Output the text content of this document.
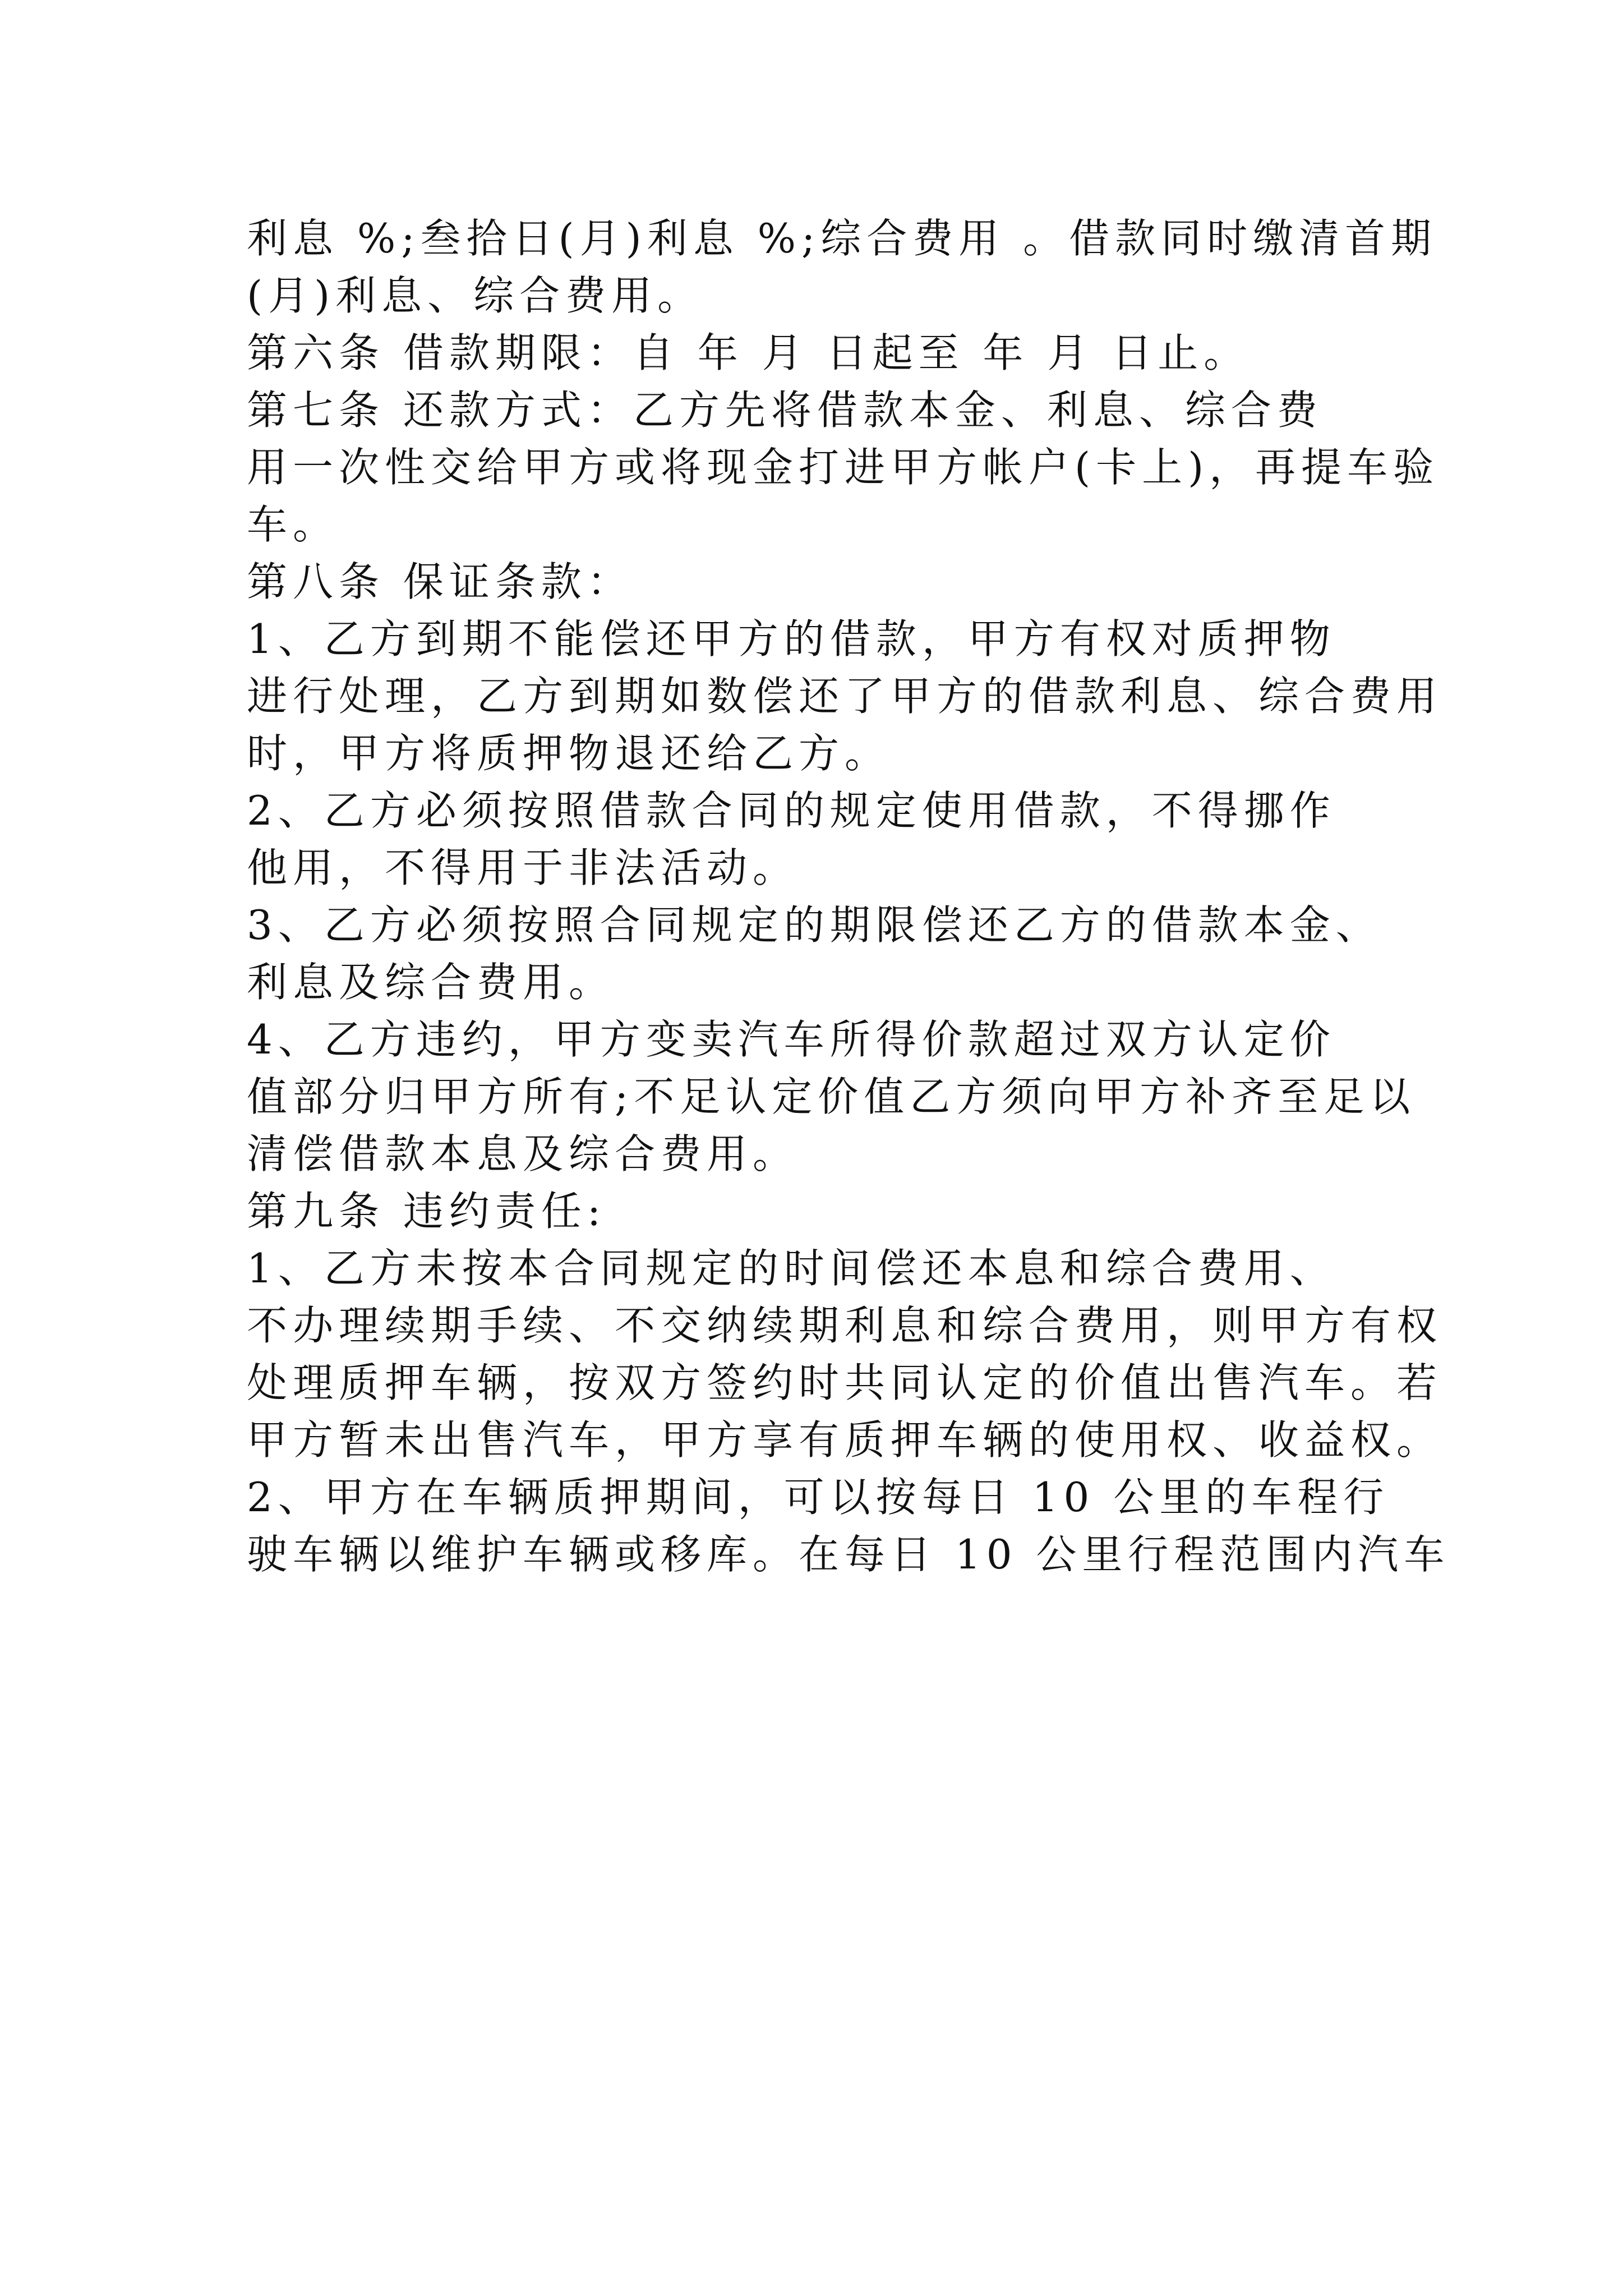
利息 %;叁拾日(月)利息 %;综合费用 。借款同时缴清首期
(月)利息、综合费用。
第六条 借款期限：自 年 月 日起至 年 月 日止。
第七条 还款方式：乙方先将借款本金、利息、综合费
用一次性交给甲方或将现金打进甲方帐户(卡上)，再提车验
车。
第八条 保证条款：
1、乙方到期不能偿还甲方的借款，甲方有权对质押物
进行处理，乙方到期如数偿还了甲方的借款利息、综合费用
时，甲方将质押物退还给乙方。
2、乙方必须按照借款合同的规定使用借款，不得挪作
他用，不得用于非法活动。
3、乙方必须按照合同规定的期限偿还乙方的借款本金、
利息及综合费用。
4、乙方违约，甲方变卖汽车所得价款超过双方认定价
值部分归甲方所有;不足认定价值乙方须向甲方补齐至足以
清偿借款本息及综合费用。
第九条 违约责任:
1、乙方未按本合同规定的时间偿还本息和综合费用、
不办理续期手续、不交纳续期利息和综合费用，则甲方有权
处理质押车辆，按双方签约时共同认定的价值出售汽车。若
甲方暂未出售汽车，甲方享有质押车辆的使用权、收益权。
2、甲方在车辆质押期间，可以按每日 10 公里的车程行
驶车辆以维护车辆或移库。在每日 10 公里行程范围内汽车
